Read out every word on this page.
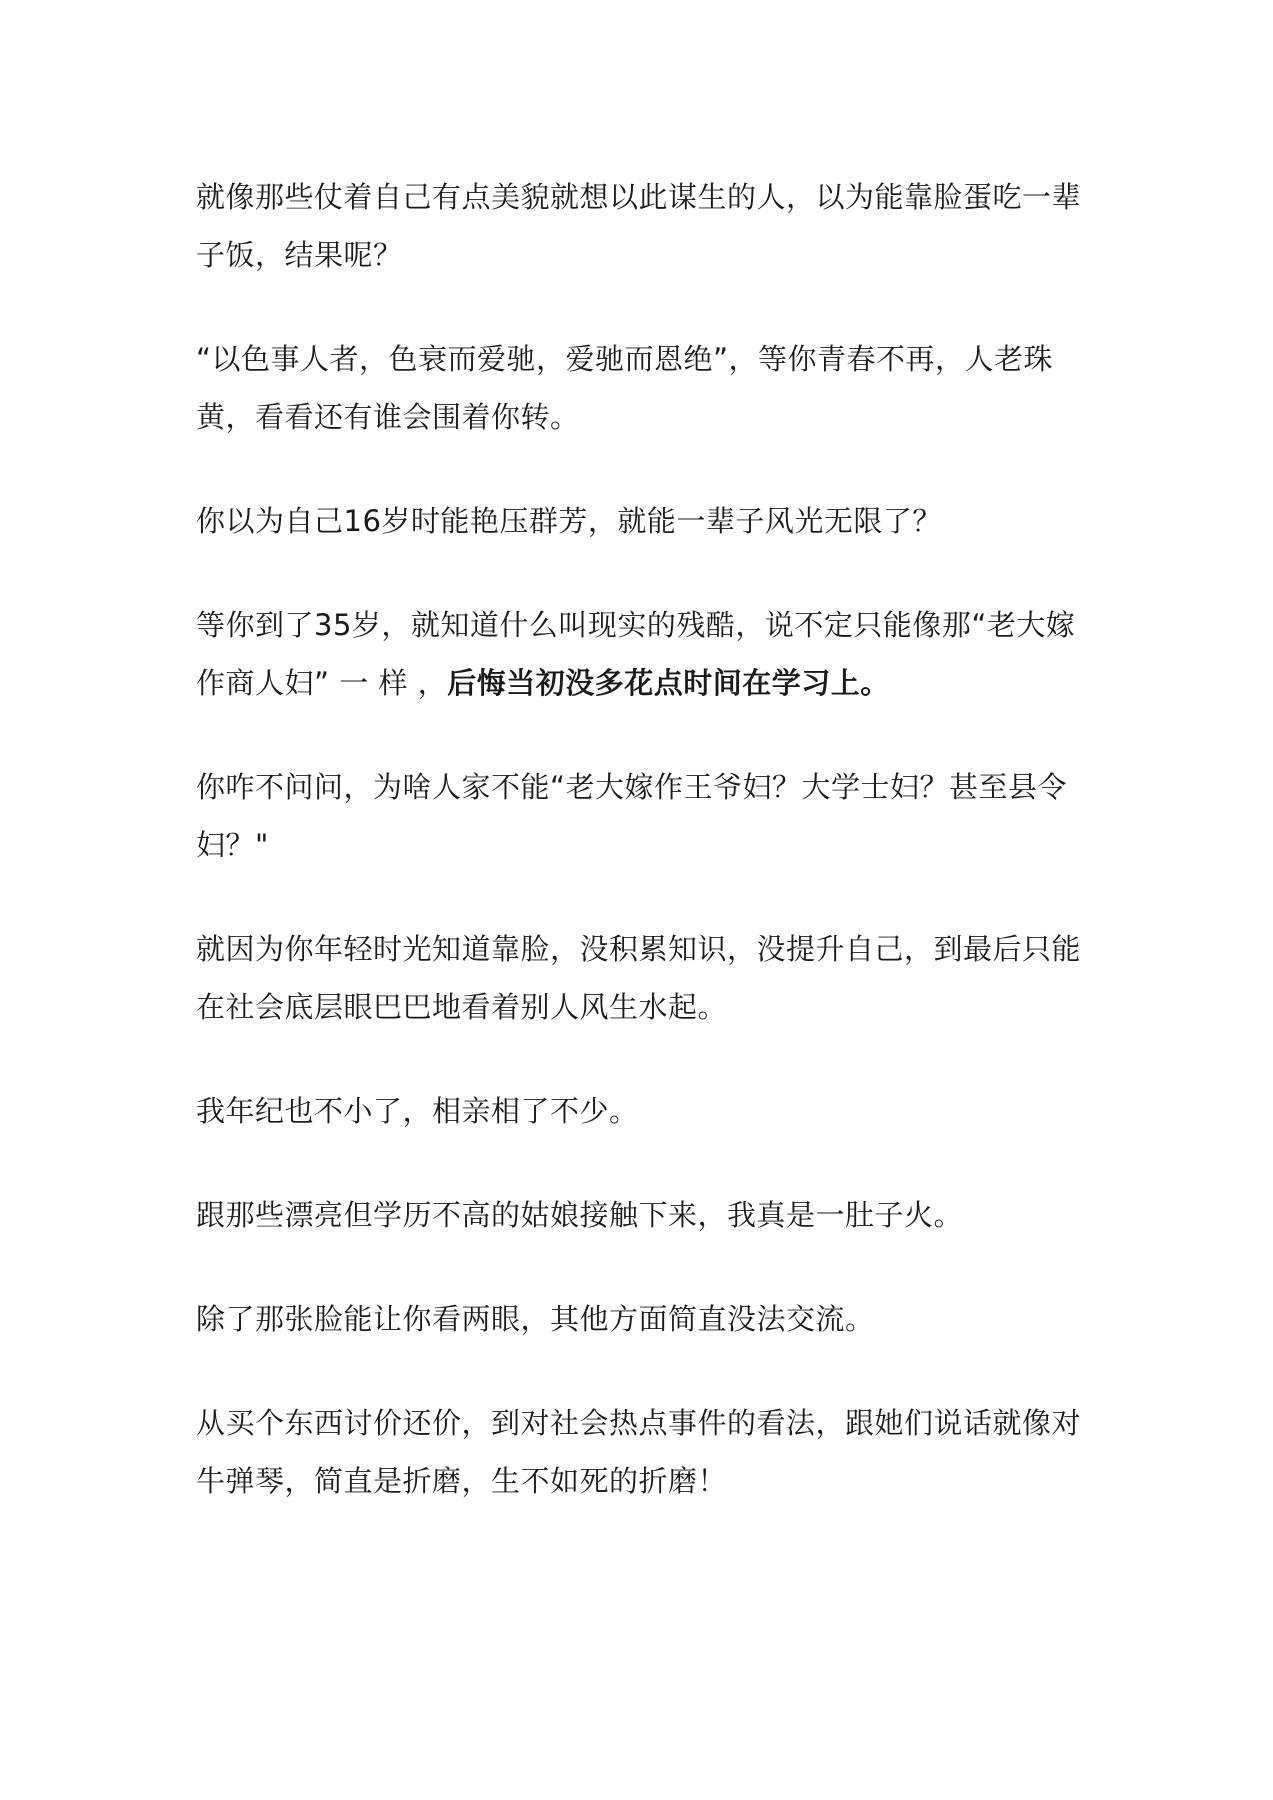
就像那些仗着自己有点美貌就想以此谋生的人，以为能靠脸蛋吃一辈子饭，结果呢？

“以色事人者，色衰而爱驰，爱驰而恩绝”，等你青春不再，人老珠黄，看看还有谁会围着你转。

你以为自己16岁时能艳压群芳，就能一辈子风光无限了？

等你到了35岁，就知道什么叫现实的残酷，说不定只能像那“老大嫁作商人妇” 一 样 ，后悔当初没多花点时间在学习上。

你咋不问问，为啥人家不能“老大嫁作王爷妇？大学士妇？甚至县令妇？"

就因为你年轻时光知道靠脸，没积累知识，没提升自己，到最后只能在社会底层眼巴巴地看着别人风生水起。

我年纪也不小了，相亲相了不少。

跟那些漂亮但学历不高的姑娘接触下来，我真是一肚子火。

除了那张脸能让你看两眼，其他方面简直没法交流。

从买个东西讨价还价，到对社会热点事件的看法，跟她们说话就像对牛弹琴，简直是折磨，生不如死的折磨！
